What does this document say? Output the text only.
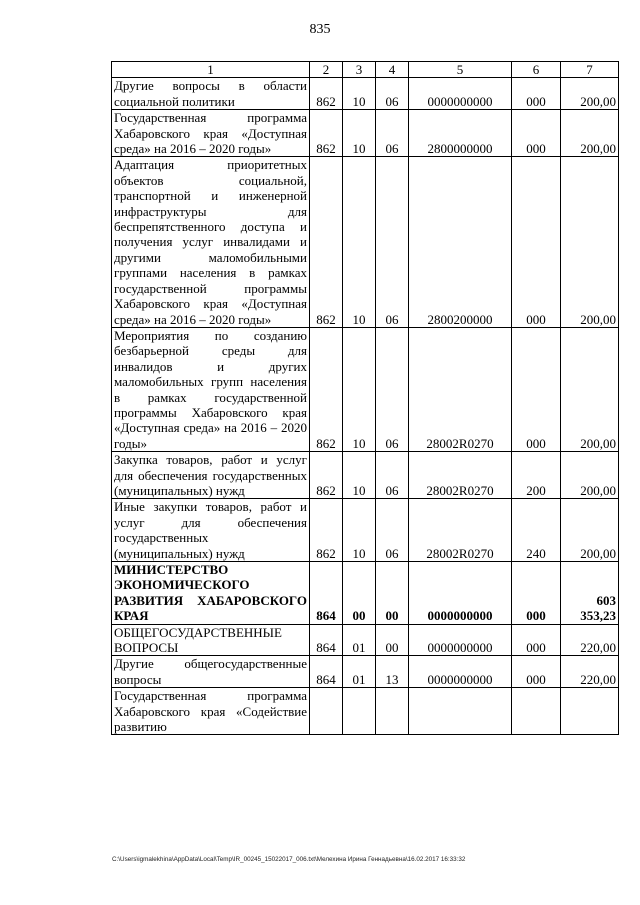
835
1	2	3	4	5	6	7
Другие вопросы в области социальной политики	862	10	06	0000000000	000	200,00
Государственная программа Хабаровского края «Доступная среда» на 2016 – 2020 годы»	862	10	06	2800000000	000	200,00
Адаптация приоритетных объектов социальной, транспортной и инженерной инфраструктуры для беспрепятственного доступа и получения услуг инвалидами и другими маломобильными группами населения в рамках государственной программы Хабаровского края «Доступная среда» на 2016 – 2020 годы»	862	10	06	2800200000	000	200,00
Мероприятия по созданию безбарьерной среды для инвалидов и других маломобильных групп населения в рамках государственной программы Хабаровского края «Доступная среда» на 2016 – 2020 годы»	862	10	06	28002R0270	000	200,00
Закупка товаров, работ и услуг для обеспечения государственных (муниципальных) нужд	862	10	06	28002R0270	200	200,00
Иные закупки товаров, работ и услуг для обеспечения государственных (муниципальных) нужд	862	10	06	28002R0270	240	200,00
МИНИСТЕРСТВО ЭКОНОМИЧЕСКОГО РАЗВИТИЯ ХАБАРОВСКОГО КРАЯ	864	00	00	0000000000	000	603 353,23
ОБЩЕГОСУДАРСТВЕННЫЕ ВОПРОСЫ	864	01	00	0000000000	000	220,00
Другие общегосударственные вопросы	864	01	13	0000000000	000	220,00
Государственная программа Хабаровского края «Содействие развитию						
C:\Users\igmalekhina\AppData\Local\Temp\IR_00245_15022017_006.txt\Мелехина Ирина Геннадьевна\16.02.2017 16:33:32
